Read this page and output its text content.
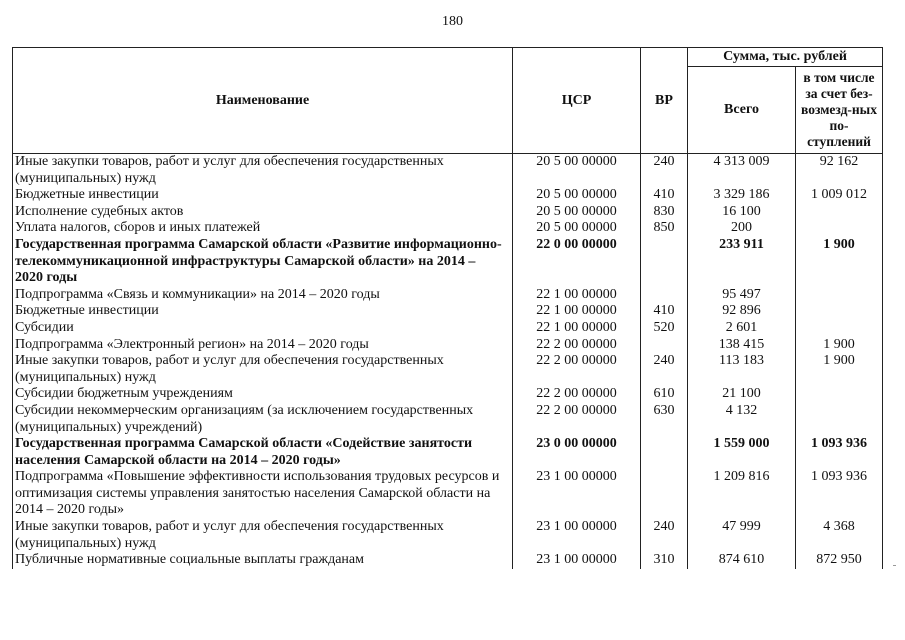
180
Наименование	ЦСР	ВР	Сумма, тыс. рублей	
			Всего	в том числе за счет без-возмезд-ных по-ступлений
Иные закупки товаров, работ и услуг для обеспечения государственных (муниципальных) нужд	20 5 00 00000	240	4 313 009	92 162
Бюджетные инвестиции	20 5 00 00000	410	3 329 186	1 009 012
Исполнение судебных актов	20 5 00 00000	830	16 100	
Уплата налогов, сборов и иных платежей	20 5 00 00000	850	200	
Государственная программа Самарской области «Развитие информационно-телекоммуникационной инфраструктуры Самарской области» на 2014 – 2020 годы	22 0 00 00000		233 911	1 900
Подпрограмма «Связь и коммуникации» на 2014 – 2020 годы	22 1 00 00000		95 497	
Бюджетные инвестиции	22 1 00 00000	410	92 896	
Субсидии	22 1 00 00000	520	2 601	
Подпрограмма «Электронный регион» на 2014 – 2020 годы	22 2 00 00000		138 415	1 900
Иные закупки товаров, работ и услуг для обеспечения государственных (муниципальных) нужд	22 2 00 00000	240	113 183	1 900
Субсидии бюджетным учреждениям	22 2 00 00000	610	21 100	
Субсидии некоммерческим организациям (за исключением государственных (муниципальных) учреждений)	22 2 00 00000	630	4 132	
Государственная программа Самарской области «Содействие занятости населения Самарской области на 2014 – 2020 годы»	23 0 00 00000		1 559 000	1 093 936
Подпрограмма «Повышение эффективности использования трудовых ресурсов и оптимизация системы управления занятостью населения Самарской области на 2014 – 2020 годы»	23 1 00 00000		1 209 816	1 093 936
Иные закупки товаров, работ и услуг для обеспечения государственных (муниципальных) нужд	23 1 00 00000	240	47 999	4 368
Публичные нормативные социальные выплаты гражданам	23 1 00 00000	310	874 610	872 950
